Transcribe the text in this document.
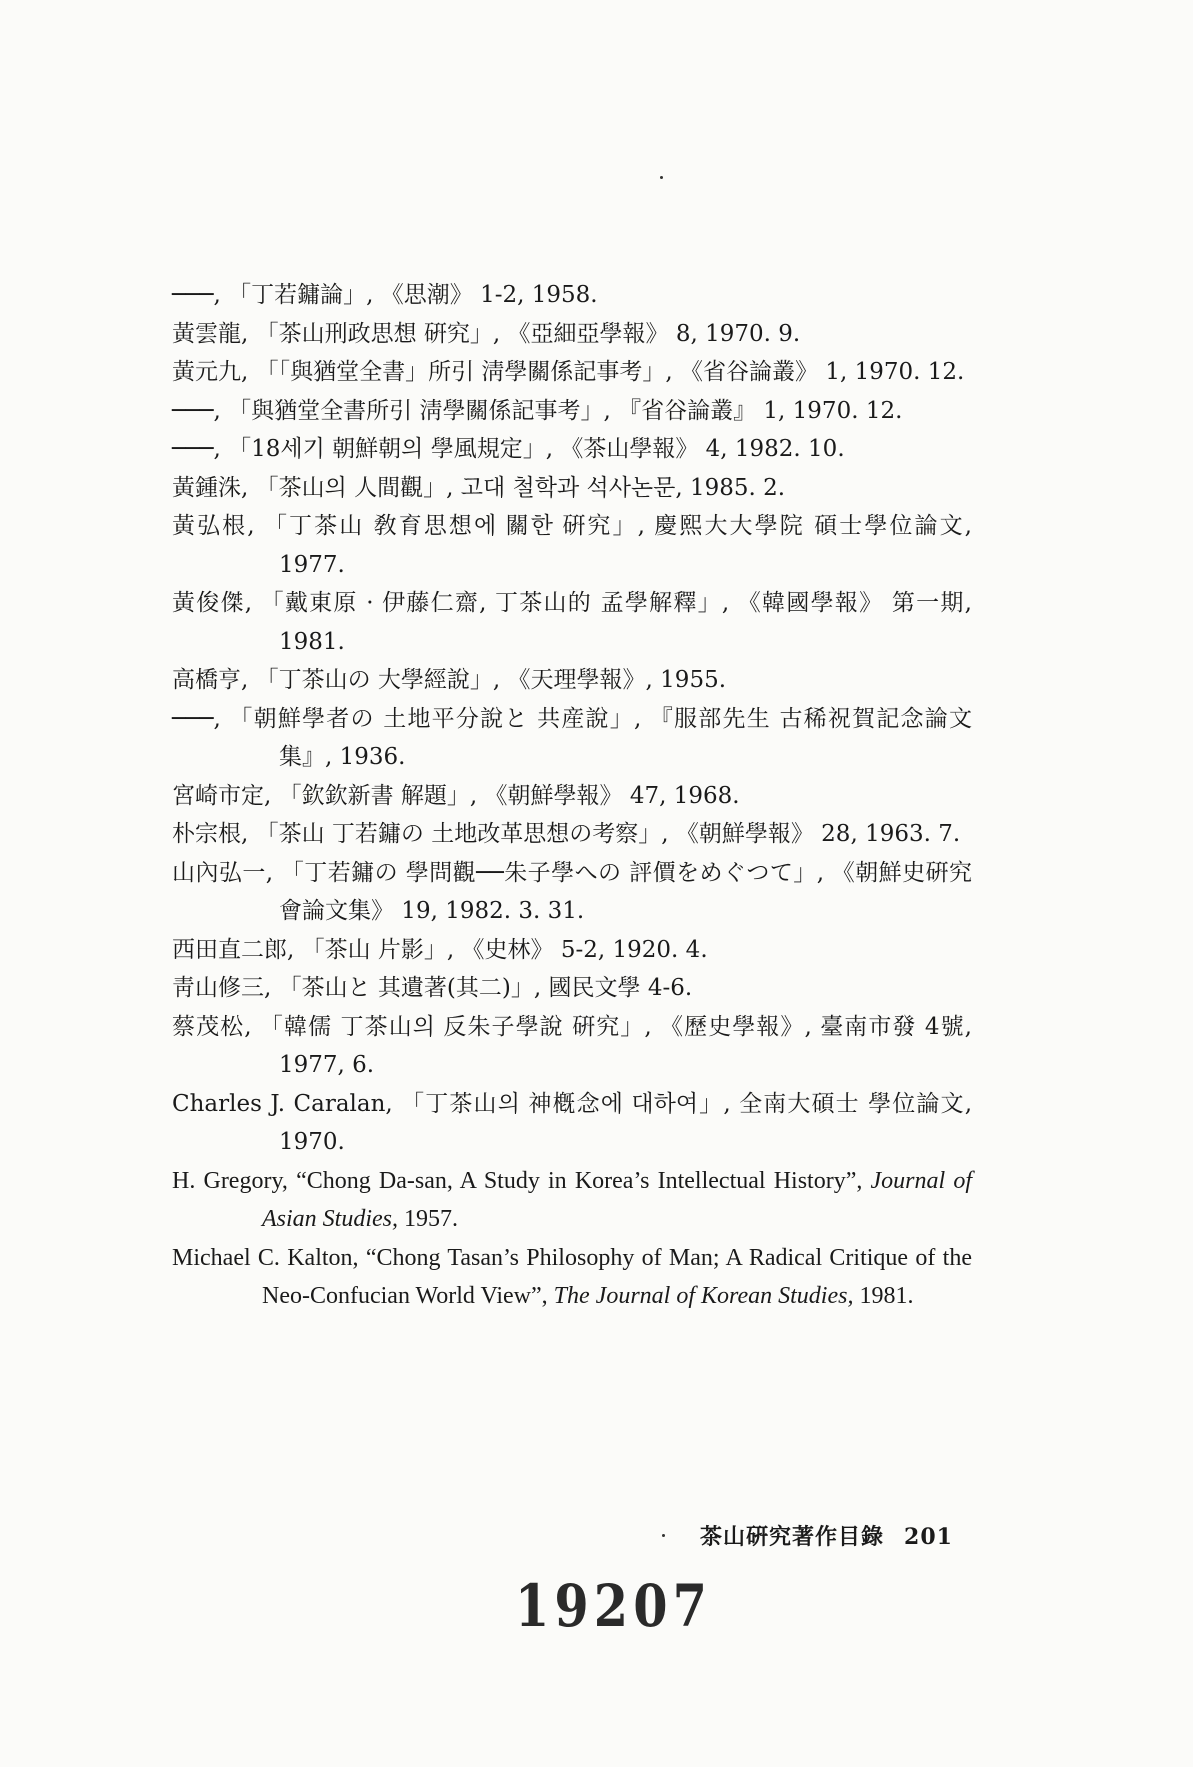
───, 「丁若鏞論」, 《思潮》 1-2, 1958.
黃雲龍, 「茶山刑政思想 硏究」, 《亞細亞學報》 8, 1970. 9.
黃元九, 「「與猶堂全書」所引 淸學關係記事考」, 《省谷論叢》 1, 1970. 12.
───, 「與猶堂全書所引 淸學關係記事考」, 『省谷論叢』 1, 1970. 12.
───, 「18세기 朝鮮朝의 學風規定」, 《茶山學報》 4, 1982. 10.
黃鍾洙, 「茶山의 人間觀」, 고대 철학과 석사논문, 1985. 2.
黃弘根, 「丁茶山 敎育思想에 關한 硏究」, 慶熙大大學院 碩士學位論文, 1977.
黃俊傑, 「戴東原 · 伊藤仁齋, 丁茶山的 孟學解釋」, 《韓國學報》 第一期, 1981.
高橋亨, 「丁茶山の 大學經說」, 《天理學報》, 1955.
───, 「朝鮮學者の 土地平分說と 共産說」, 『服部先生 古稀祝賀記念論文集』, 1936.
宮崎市定, 「欽欽新書 解題」, 《朝鮮學報》 47, 1968.
朴宗根, 「茶山 丁若鏞の 土地改革思想の考察」, 《朝鮮學報》 28, 1963. 7.
山內弘一, 「丁若鏞の 學問觀──朱子學への 評價をめぐつて」, 《朝鮮史硏究會論文集》 19, 1982. 3. 31.
西田直二郎, 「茶山 片影」, 《史林》 5-2, 1920. 4.
靑山修三, 「茶山と 其遺著(其二)」, 國民文學 4-6.
蔡茂松, 「韓儒 丁茶山의 反朱子學說 硏究」, 《歷史學報》, 臺南市發 4號, 1977, 6.
Charles J. Caralan, 「丁茶山의 神槪念에 대하여」, 全南大碩士 學位論文, 1970.
H. Gregory, “Chong Da-san, A Study in Korea’s Intellectual History”, Journal of Asian Studies, 1957.
Michael C. Kalton, “Chong Tasan’s Philosophy of Man; A Radical Critique of the Neo-Confucian World View”, The Journal of Korean Studies, 1981.
茶山硏究著作目錄 201
19207
